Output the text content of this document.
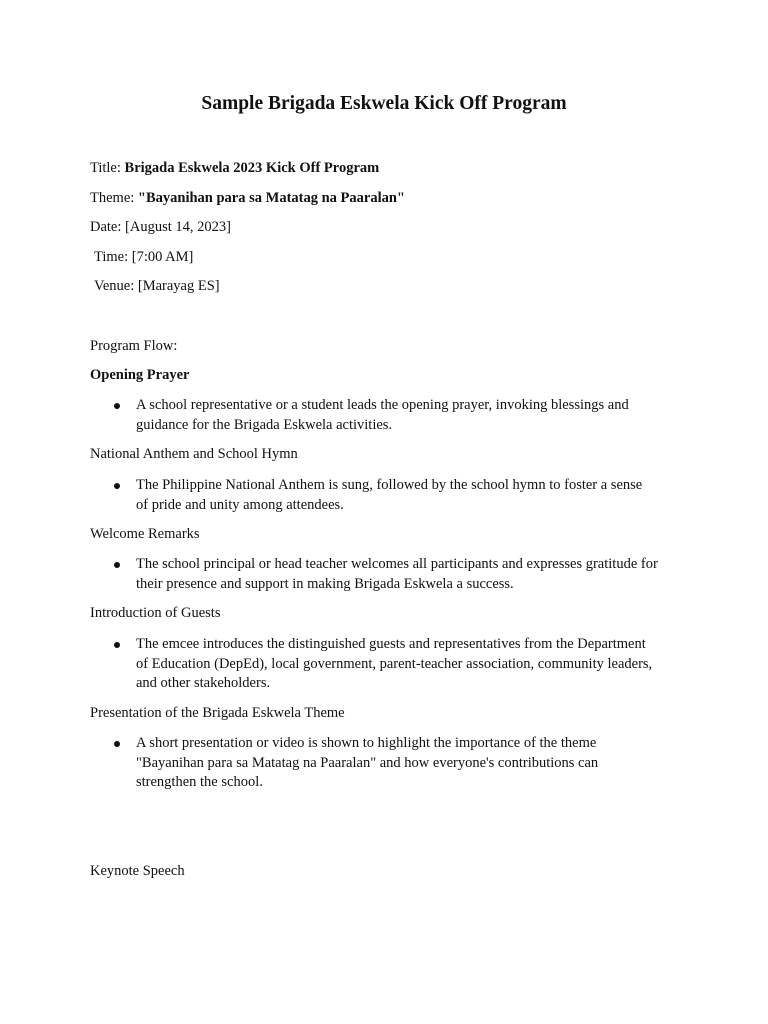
Sample Brigada Eskwela Kick Off Program
Title: Brigada Eskwela 2023 Kick Off Program
Theme: "Bayanihan para sa Matatag na Paaralan"
Date: [August 14, 2023]
Time: [7:00 AM]
Venue: [Marayag ES]
Program Flow:
Opening Prayer
A school representative or a student leads the opening prayer, invoking blessings and
guidance for the Brigada Eskwela activities.
National Anthem and School Hymn
The Philippine National Anthem is sung, followed by the school hymn to foster a sense
of pride and unity among attendees.
Welcome Remarks
The school principal or head teacher welcomes all participants and expresses gratitude for
their presence and support in making Brigada Eskwela a success.
Introduction of Guests
The emcee introduces the distinguished guests and representatives from the Department
of Education (DepEd), local government, parent-teacher association, community leaders,
and other stakeholders.
Presentation of the Brigada Eskwela Theme
A short presentation or video is shown to highlight the importance of the theme
"Bayanihan para sa Matatag na Paaralan" and how everyone's contributions can
strengthen the school.
Keynote Speech
